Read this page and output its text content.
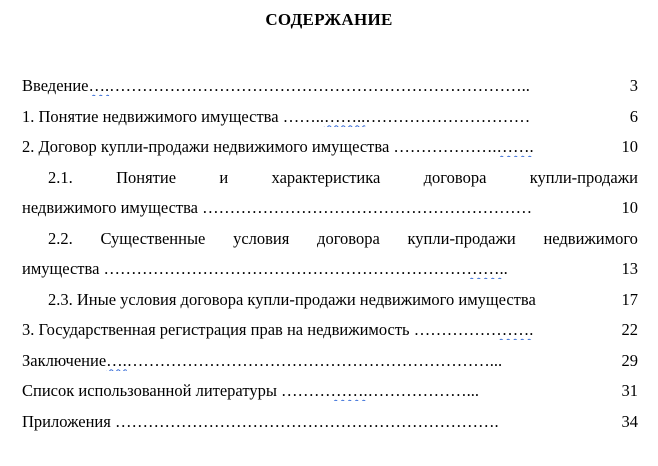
СОДЕРЖАНИЕ
Введение….…………………………………………………………………..	3
1. Понятие недвижимого имущества ……..……..…………………………	6
2. Договор купли-продажи недвижимого имущества ……………….…….	10
2.1.	Понятие	и	характеристика	договора	купли-продажи
недвижимого имущества ……………………………………………………	10
2.2. Существенные условия договора купли-продажи недвижимого
имущества ………………………………………………………………..	13
2.3. Иные условия договора купли-продажи недвижимого имущества	17
3. Государственная регистрация прав на недвижимость ………………….	22
Заключение….…………………………………………………………...	29
Список использованной литературы …………….………………...	31
Приложения …………………………………………………………….	34
